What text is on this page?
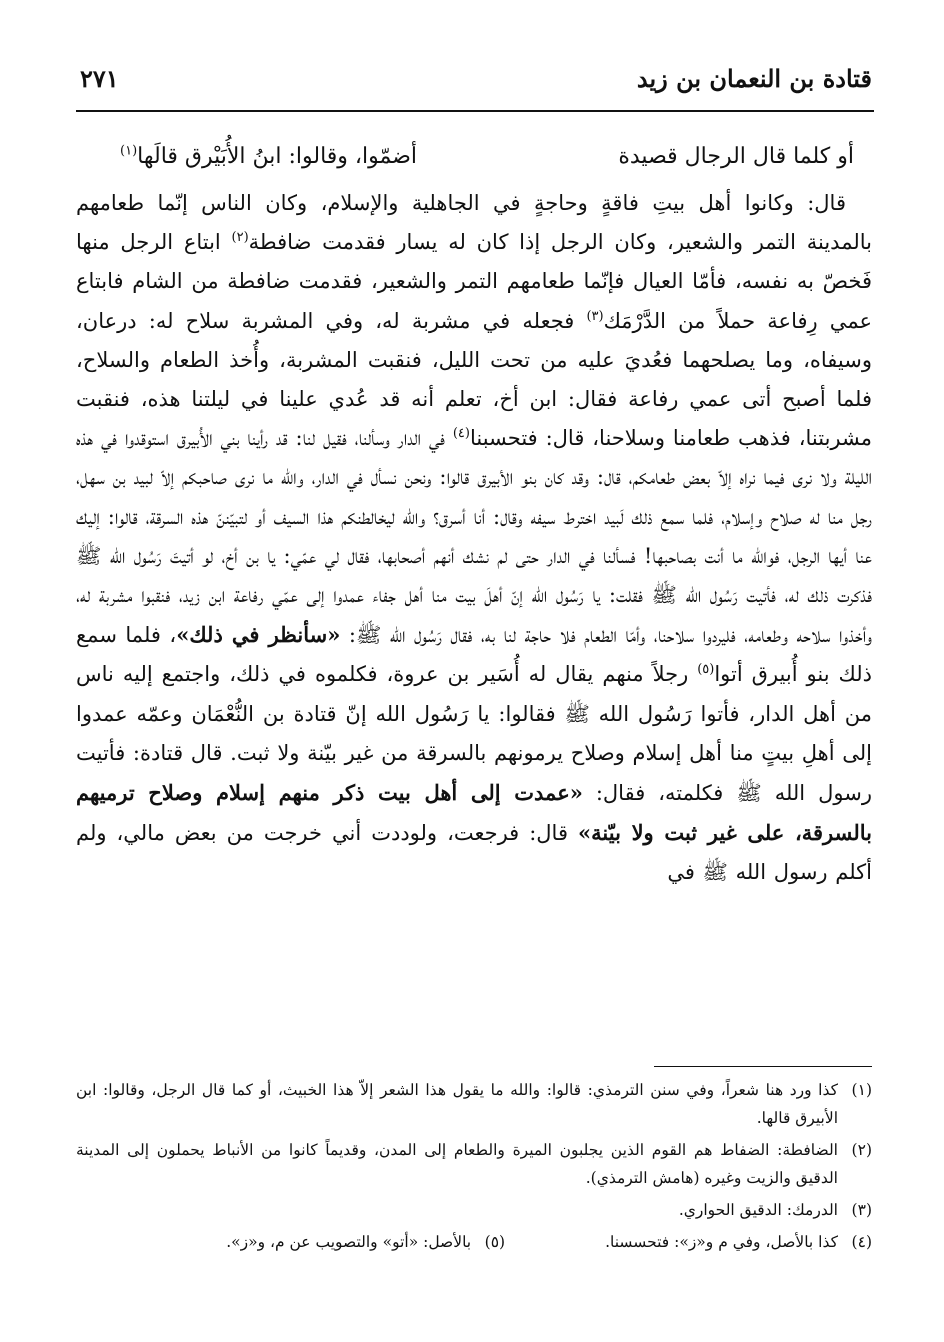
قتادة بن النعمان بن زيد
٢٧١
أو كلما قال الرجال قصيدة
أضمّوا، وقالوا: ابنُ الأُبَيْرق قالَها$^{(١)}$

قال: وكانوا أهل بيتِ فاقةٍ وحاجةٍ في الجاهلية والإسلام، وكان الناس إنّما طعامهم بالمدينة التمر والشعير، وكان الرجل إذا كان له يسار فقدمت ضافطة$^{(٢)}$ ابتاع الرجل منها فَخصّ به نفسه، فأمّا العيال فإنّما طعامهم التمر والشعير، فقدمت ضافطة من الشام فابتاع عمي رِفاعة حملاً من الدَّرْمَك$^{(٣)}$ فجعله في مشربة له، وفي المشربة سلاح له: درعان، وسيفاه، وما يصلحهما فعُديَ عليه من تحت الليل، فنقبت المشربة، وأُخذ الطعام والسلاح، فلما أصبح أتى عمي رفاعة فقال: ابن أخ، تعلم أنه قد عُدي علينا في ليلتنا هذه، فنقبت مشربتنا، فذهب طعامنا وسلاحنا، قال: فتحسبنا$^{(٤)}$ في الدار وسألنا، فقيل لنا: قد رأينا بني الأُبيرق استوقدوا في هذه الليلة ولا نرى فيما نراه إلاّ بعض طعامكم، قال: وقد كان بنو الأبيرق قالوا: ونحن نسأل في الدار، والله ما نرى صاحبكم إلاّ لبيد بن سهل، رجل منا له صلاح وإسلام، فلما سمع ذلك لَبيد اخترط سيفه وقال: أنا أسرق؟ والله ليخالطنكم هذا السيف أو لتبيّننّ هذه السرقة، قالوا: إليك عنا أيها الرجل، فوالله ما أنت بصاحبها! فسألنا في الدار حتى لم نشك أنهم أصحابها، فقال لي عمّي: يا بن أخ، لو أتيتَ رَسُول الله ﷺ فذكرت ذلك له، فأتيت رَسُول الله ﷺ فقلت: يا رَسُول الله إنّ أهلَ بيت منا أهل جفاء عمدوا إلى عمّي رفاعة ابن زيد، فنقبوا مشربة له، وأخذوا سلاحه وطعامه، فليردوا سلاحنا، وأمّا الطعام فلا حاجة لنا به، فقال رَسُول الله ﷺ: «سأنظر في ذلك»، فلما سمع ذلك بنو أُبيرق أتوا$^{(٥)}$ رجلاً منهم يقال له أُسَير بن عروة، فكلموه في ذلك، واجتمع إليه ناس من أهل الدار، فأتوا رَسُول الله ﷺ فقالوا: يا رَسُول الله إنّ قتادة بن النُّعْمَان وعمّه عمدوا إلى أهلِ بيتٍ منا أهل إسلام وصلاح يرمونهم بالسرقة من غير بيّنة ولا ثبت. قال قتادة: فأتيت رسول الله ﷺ فكلمته، فقال: «عمدت إلى أهل بيت ذكر منهم إسلام وصلاح ترميهم بالسرقة، على غير ثبت ولا بيّنة» قال: فرجعت، ولوددت أني خرجت من بعض مالي، ولم أكلم رسول الله ﷺ في

(١)
كذا ورد هنا شعراً، وفي سنن الترمذي: قالوا: والله ما يقول هذا الشعر إلاّ هذا الخبيث، أو كما قال الرجل، وقالوا: ابن الأبيرق قالها.
(٢)
الضافطة: الضفاط هم القوم الذين يجلبون الميرة والطعام إلى المدن، وقديماً كانوا من الأنباط يحملون إلى المدينة الدقيق والزيت وغيره (هامش الترمذي).
(٣)
الدرمك: الدقيق الحواري.
(٤)
كذا بالأصل، وفي م و«ز»: فتحسسنا.
(٥)
بالأصل: «أتو» والتصويب عن م، و«ز».
